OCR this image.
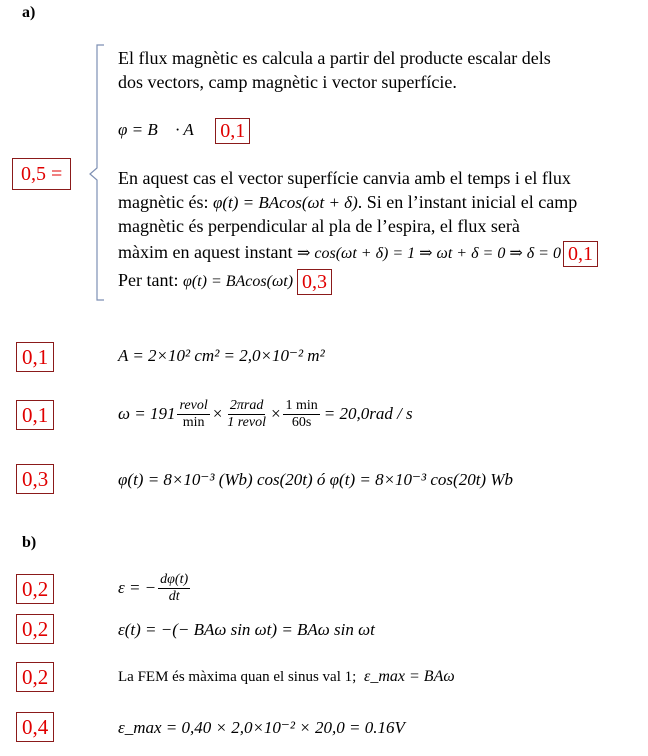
a)
0,5 =
El flux magnètic es calcula a partir del producte escalar dels
dos vectors, camp magnètic i vector superfície.
φ = B⃗ · A⃗ 0,1
En aquest cas el vector superfície canvia amb el temps i el flux
magnètic és: φ(t) = BAcos(ωt + δ). Si en l’instant inicial el camp
magnètic és perpendicular al pla de l’espira, el flux serà
màxim en aquest instant ⇒ cos(ωt + δ) = 1 ⇒ ωt + δ = 0 ⇒ δ = 0 0,1
Per tant: φ(t) = BAcos(ωt) 0,3
0,1	A = 2×10² cm² = 2,0×10⁻² m²
0,1	$\omega = 191 \frac{\text{revol}}{\min} \times \frac{\text{2πrad}}{\text{1 revol}} \times \frac{1 \min}{60s} = 20,0rad / s$
0,3	φ(t) = 8×10⁻³ (Wb) cos(20t) ó φ(t) = 8×10⁻³ cos(20t) Wb
b)
0,2	ε = − $\frac{d\varphi(t)}{dt}$
0,2	ε(t) = −(− BAω sin ωt) = BAω sin ωt
0,2	La FEM és màxima quan el sinus val 1; ε_max = BAω
0,4	ε_max = 0,40 × 2,0×10⁻² × 20,0 = 0.16V
